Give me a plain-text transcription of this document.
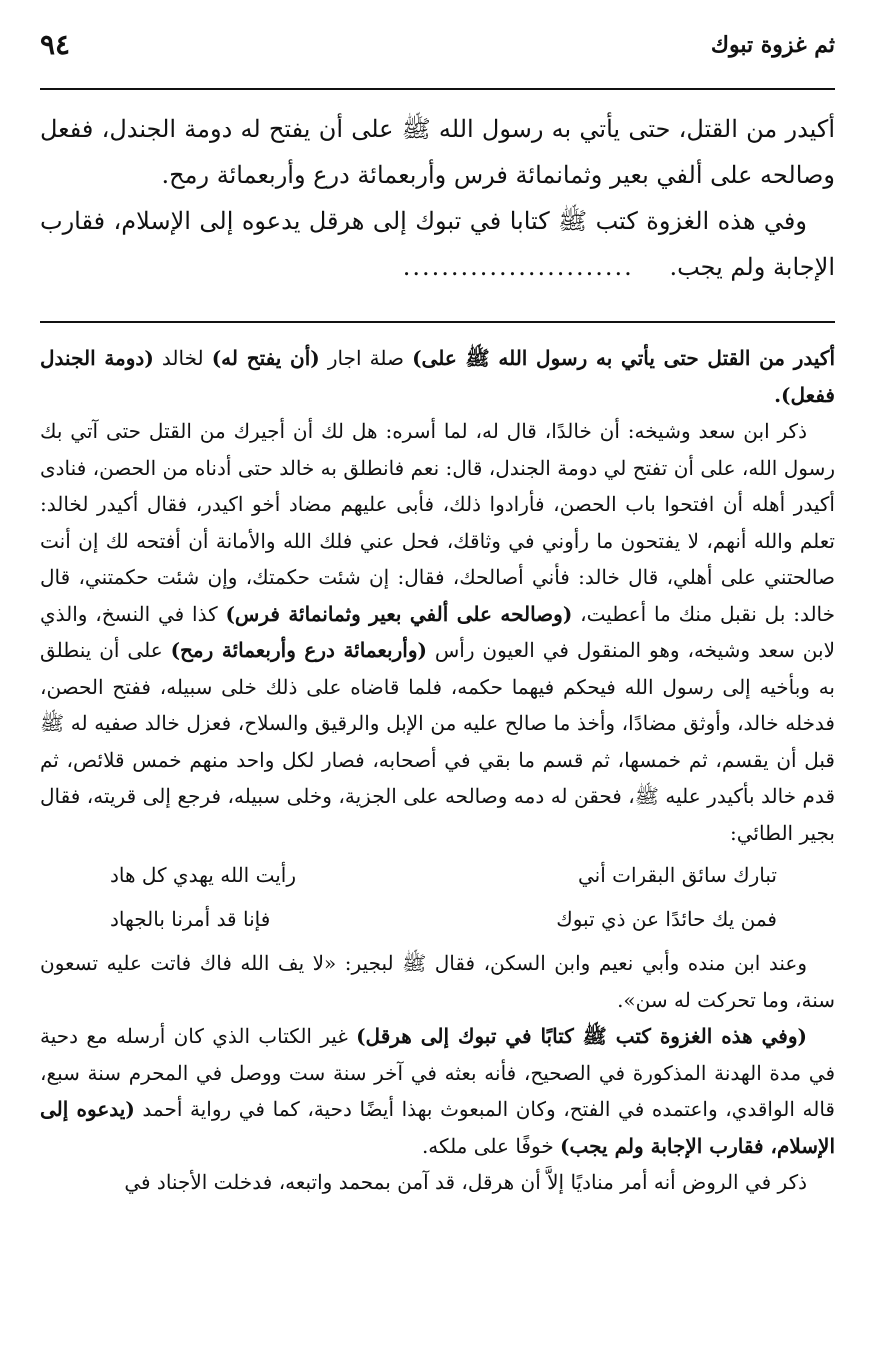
ثم غزوة تبوك
٩٤

أكيدر من القتل، حتى يأتي به رسول الله ﷺ على أن يفتح له دومة الجندل، ففعل وصالحه على ألفي بعير وثمانمائة فرس وأربعمائة درع وأربعمائة رمح.

وفي هذه الغزوة كتب ﷺ كتابا في تبوك إلى هرقل يدعوه إلى الإسلام، فقارب الإجابة ولم يجب. ........................

أكيدر من القتل حتى يأتي به رسول الله ﷺ على) صلة اجار (أن يفتح له) لخالد (دومة الجندل ففعل).

ذكر ابن سعد وشيخه: أن خالدًا، قال له، لما أسره: هل لك أن أجيرك من القتل حتى آتي بك رسول الله، على أن تفتح لي دومة الجندل، قال: نعم فانطلق به خالد حتى أدناه من الحصن، فنادى أكيدر أهله أن افتحوا باب الحصن، فأرادوا ذلك، فأبى عليهم مضاد أخو اكيدر، فقال أكيدر لخالد: تعلم والله أنهم، لا يفتحون ما رأوني في وثاقك، فحل عني فلك الله والأمانة أن أفتحه لك إن أنت صالحتني على أهلي، قال خالد: فأني أصالحك، فقال: إن شئت حكمتك، وإن شئت حكمتني، قال خالد: بل نقبل منك ما أعطيت، (وصالحه على ألفي بعير وثمانمائة فرس) كذا في النسخ، والذي لابن سعد وشيخه، وهو المنقول في العيون رأس (وأربعمائة درع وأربعمائة رمح) على أن ينطلق به وبأخيه إلى رسول الله فيحكم فيهما حكمه، فلما قاضاه على ذلك خلى سبيله، ففتح الحصن، فدخله خالد، وأوثق مضادًا، وأخذ ما صالح عليه من الإبل والرقيق والسلاح، فعزل خالد صفيه له ﷺ قبل أن يقسم، ثم خمسها، ثم قسم ما بقي في أصحابه، فصار لكل واحد منهم خمس قلائص، ثم قدم خالد بأكيدر عليه ﷺ، فحقن له دمه وصالحه على الجزية، وخلى سبيله، فرجع إلى قريته، فقال بجير الطائي:

تبارك سائق البقرات أني
رأيت الله يهدي كل هاد
فمن يك حائدًا عن ذي تبوك
فإنا قد أمرنا بالجهاد

وعند ابن منده وأبي نعيم وابن السكن، فقال ﷺ لبجير: «لا يف الله فاك فاتت عليه تسعون سنة، وما تحركت له سن».

(وفي هذه الغزوة كتب ﷺ كتابًا في تبوك إلى هرقل) غير الكتاب الذي كان أرسله مع دحية في مدة الهدنة المذكورة في الصحيح، فأنه بعثه في آخر سنة ست ووصل في المحرم سنة سبع، قاله الواقدي، واعتمده في الفتح، وكان المبعوث بهذا أيضًا دحية، كما في رواية أحمد (يدعوه إلى الإسلام، فقارب الإجابة ولم يجب) خوفًا على ملكه.

ذكر في الروض أنه أمر مناديًا إلاَّ أن هرقل، قد آمن بمحمد واتبعه، فدخلت الأجناد في
